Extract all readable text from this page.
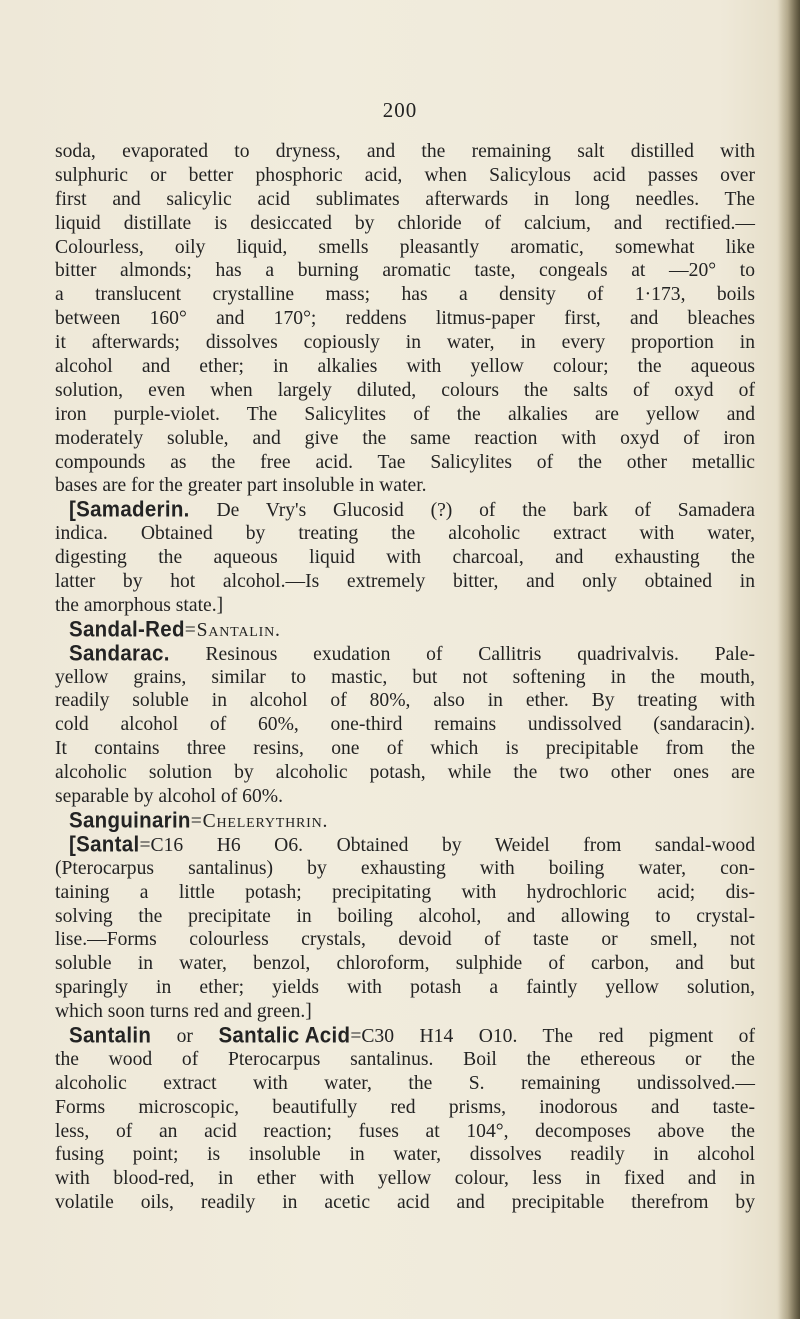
200
soda, evaporated to dryness, and the remaining salt distilled with
sulphuric or better phosphoric acid, when Salicylous acid passes over
first and salicylic acid sublimates afterwards in long needles. The
liquid distillate is desiccated by chloride of calcium, and rectified.—
Colourless, oily liquid, smells pleasantly aromatic, somewhat like
bitter almonds; has a burning aromatic taste, congeals at —20° to
a translucent crystalline mass; has a density of 1·173, boils
between 160° and 170°; reddens litmus-paper first, and bleaches
it afterwards; dissolves copiously in water, in every proportion in
alcohol and ether; in alkalies with yellow colour; the aqueous
solution, even when largely diluted, colours the salts of oxyd of
iron purple-violet. The Salicylites of the alkalies are yellow and
moderately soluble, and give the same reaction with oxyd of iron
compounds as the free acid. Tae Salicylites of the other metallic
bases are for the greater part insoluble in water.
[Samaderin. De Vry's Glucosid (?) of the bark of Samadera
indica. Obtained by treating the alcoholic extract with water,
digesting the aqueous liquid with charcoal, and exhausting the
latter by hot alcohol.—Is extremely bitter, and only obtained in
the amorphous state.]
Sandal-Red=Santalin.
Sandarac. Resinous exudation of Callitris quadrivalvis. Pale-
yellow grains, similar to mastic, but not softening in the mouth,
readily soluble in alcohol of 80%, also in ether. By treating with
cold alcohol of 60%, one-third remains undissolved (sandaracin).
It contains three resins, one of which is precipitable from the
alcoholic solution by alcoholic potash, while the two other ones are
separable by alcohol of 60%.
Sanguinarin=Chelerythrin.
[Santal=C16 H6 O6. Obtained by Weidel from sandal-wood
(Pterocarpus santalinus) by exhausting with boiling water, con-
taining a little potash; precipitating with hydrochloric acid; dis-
solving the precipitate in boiling alcohol, and allowing to crystal-
lise.—Forms colourless crystals, devoid of taste or smell, not
soluble in water, benzol, chloroform, sulphide of carbon, and but
sparingly in ether; yields with potash a faintly yellow solution,
which soon turns red and green.]
Santalin or Santalic Acid=C30 H14 O10. The red pigment of
the wood of Pterocarpus santalinus. Boil the ethereous or the
alcoholic extract with water, the S. remaining undissolved.—
Forms microscopic, beautifully red prisms, inodorous and taste-
less, of an acid reaction; fuses at 104°, decomposes above the
fusing point; is insoluble in water, dissolves readily in alcohol
with blood-red, in ether with yellow colour, less in fixed and in
volatile oils, readily in acetic acid and precipitable therefrom by
